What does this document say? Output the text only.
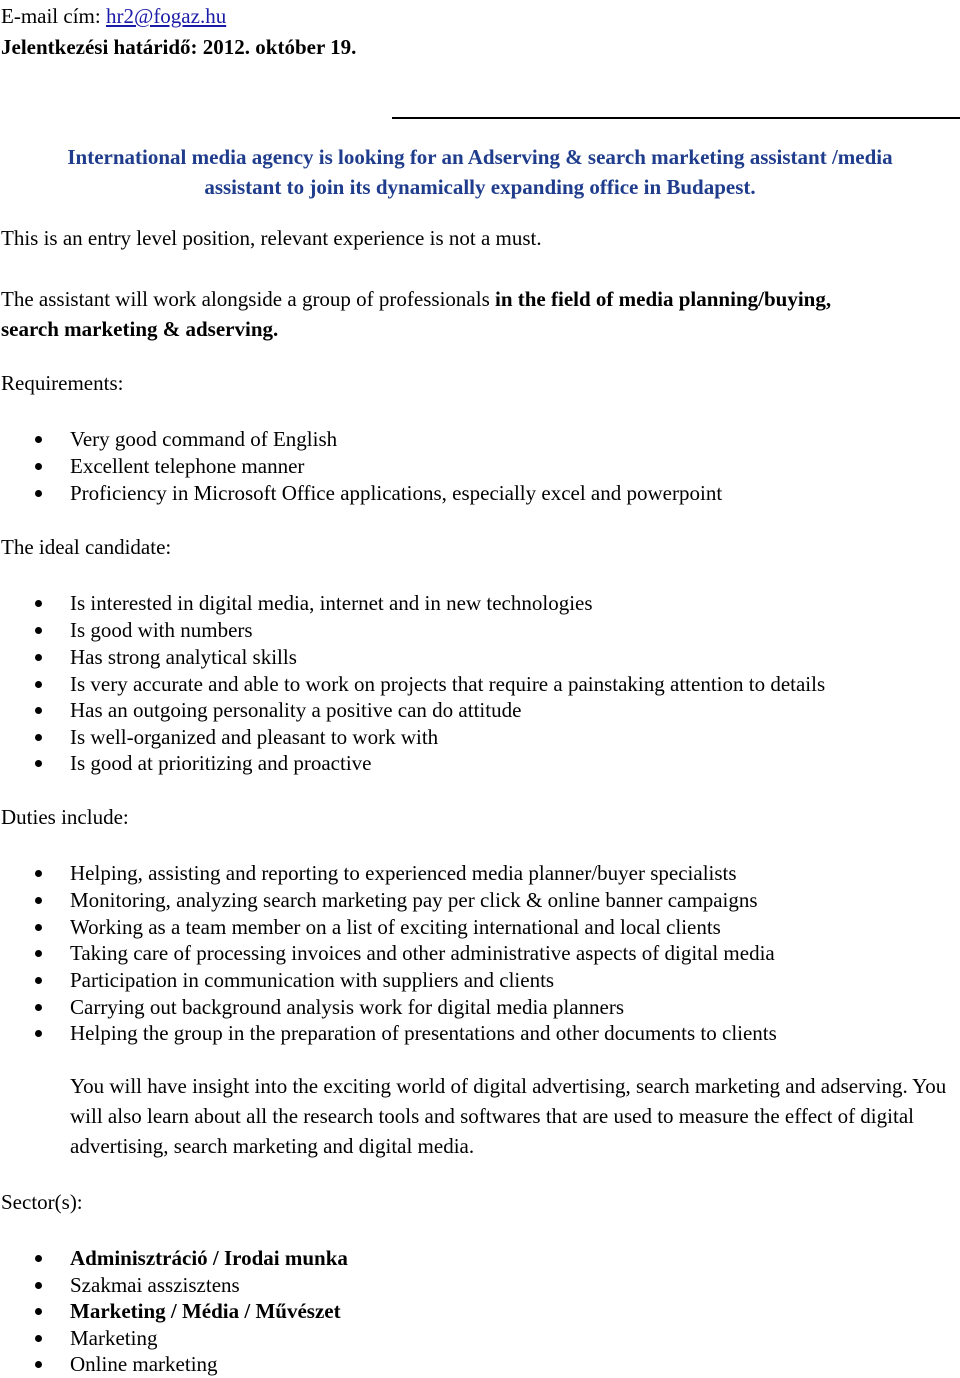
E-mail cím: hr2@fogaz.hu
Jelentkezési határidő: 2012. október 19.
International media agency is looking for an Adserving & search marketing assistant /media
assistant to join its dynamically expanding office in Budapest.
This is an entry level position, relevant experience is not a must.
The assistant will work alongside a group of professionals in the field of media planning/buying,
search marketing & adserving.
Requirements:
Very good command of English
Excellent telephone manner
Proficiency in Microsoft Office applications, especially excel and powerpoint
The ideal candidate:
Is interested in digital media, internet and in new technologies
Is good with numbers
Has strong analytical skills
Is very accurate and able to work on projects that require a painstaking attention to details
Has an outgoing personality a positive can do attitude
Is well-organized and pleasant to work with
Is good at prioritizing and proactive
Duties include:
Helping, assisting and reporting to experienced media planner/buyer specialists
Monitoring, analyzing search marketing pay per click & online banner campaigns
Working as a team member on a list of exciting international and local clients
Taking care of processing invoices and other administrative aspects of digital media
Participation in communication with suppliers and clients
Carrying out background analysis work for digital media planners
Helping the group in the preparation of presentations and other documents to clients
You will have insight into the exciting world of digital advertising, search marketing and adserving. You will also learn about all the research tools and softwares that are used to measure the effect of digital advertising, search marketing and digital media.
Sector(s):
Adminisztráció / Irodai munka
Szakmai asszisztens
Marketing / Média / Művészet
Marketing
Online marketing
